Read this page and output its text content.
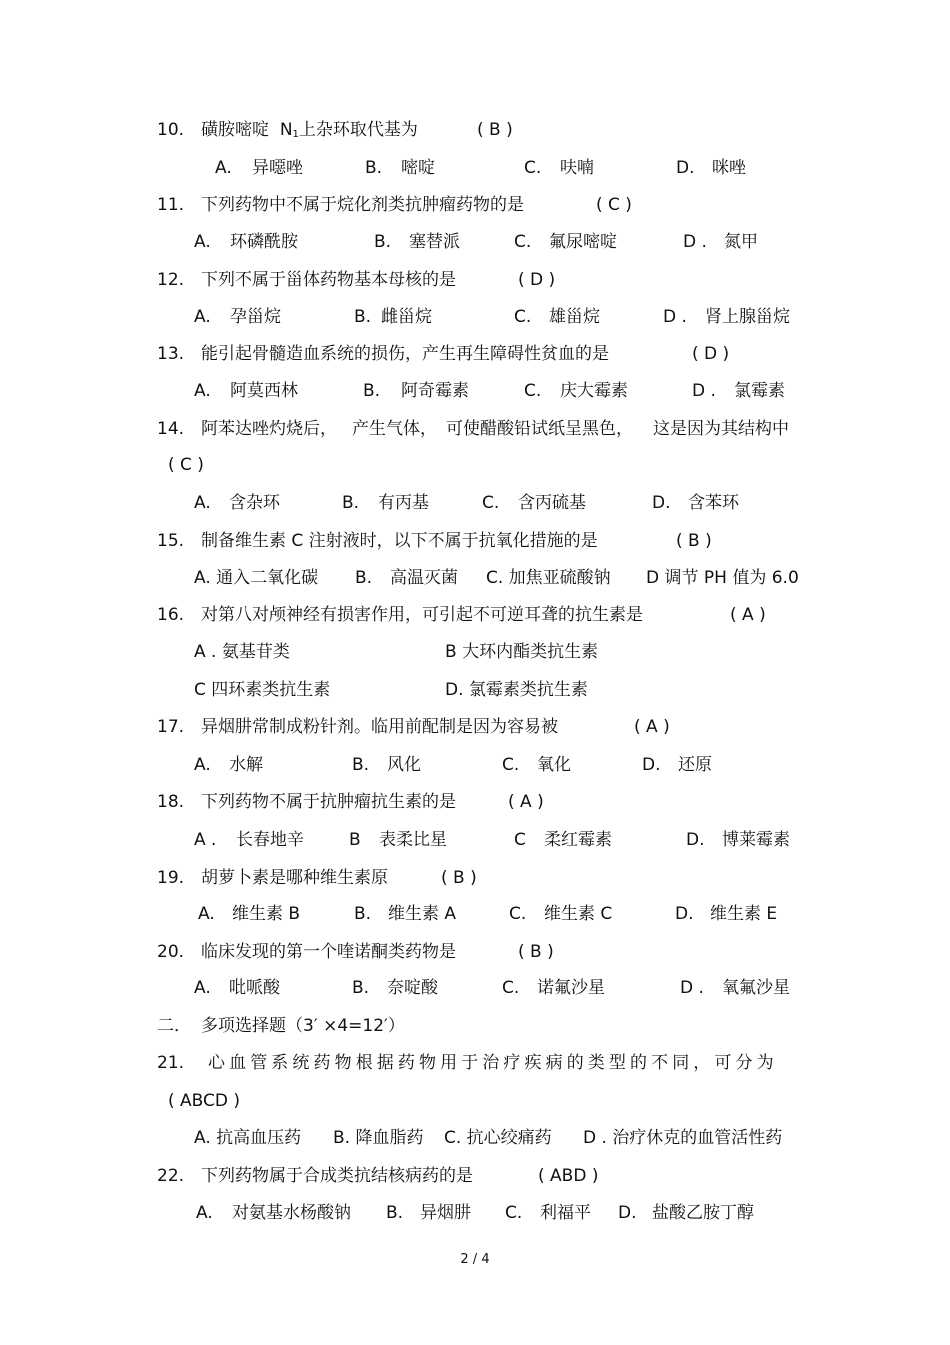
10. 磺胺嘧啶 $N_1$上杂环取代基为	( B )
A. 异噁唑	B. 嘧啶	C. 呋喃	D. 咪唑
11. 下列药物中不属于烷化剂类抗肿瘤药物的是	( C )
A. 环磷酰胺	B. 塞替派	C. 氟尿嘧啶	D . 氮甲
12. 下列不属于甾体药物基本母核的是	( D )
A. 孕甾烷	B. 雌甾烷	C. 雄甾烷	D . 肾上腺甾烷
13. 能引起骨髓造血系统的损伤，产生再生障碍性贫血的是	( D )
A. 阿莫西林	B. 阿奇霉素	C. 庆大霉素	D . 氯霉素
14. 阿苯达唑灼烧后， 产生气体， 可使醋酸铅试纸呈黑色， 这是因为其结构中
( C )
A. 含杂环	B. 有丙基	C. 含丙硫基	D. 含苯环
15. 制备维生素 C 注射液时，以下不属于抗氧化措施的是	( B )
A. 通入二氧化碳 B. 高温灭菌 C. 加焦亚硫酸钠 D 调节 PH 值为 6.0
16. 对第八对颅神经有损害作用，可引起不可逆耳聋的抗生素是	( A )
A . 氨基苷类	B 大环内酯类抗生素
C 四环素类抗生素	D. 氯霉素类抗生素
17. 异烟肼常制成粉针剂。临用前配制是因为容易被	( A )
A. 水解	B. 风化	C. 氧化	D. 还原
18. 下列药物不属于抗肿瘤抗生素的是	( A )
A . 长春地辛	B 表柔比星	C 柔红霉素	D. 博莱霉素
19. 胡萝卜素是哪种维生素原	( B )
A. 维生素 B	B. 维生素 A	C. 维生素 C	D. 维生素 E
20. 临床发现的第一个喹诺酮类药物是	( B )
A. 吡哌酸	B. 奈啶酸	C. 诺氟沙星	D . 氧氟沙星
二． 多项选择题（3′ ×4=12′）
21. 心血管系统药物根据药物用于治疗疾病的类型的不同，可分为
( ABCD )
A. 抗高血压药 B. 降血脂药 C. 抗心绞痛药 D . 治疗休克的血管活性药
22. 下列药物属于合成类抗结核病药的是	( ABD )
A. 对氨基水杨酸钠 B. 异烟肼 C. 利福平 D. 盐酸乙胺丁醇
2 / 4
